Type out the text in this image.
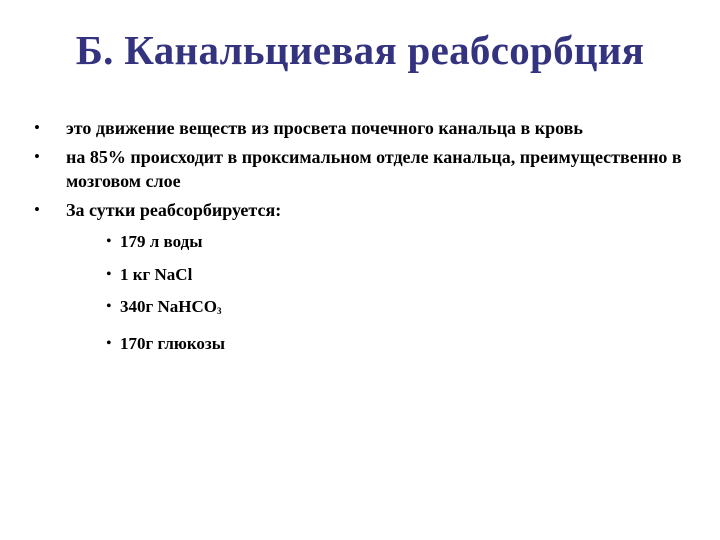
Б. Канальциевая реабсорбция
• это движение веществ из просвета почечного канальца в кровь
• на 85% происходит в проксимальном отделе канальца, преимущественно в мозговом слое
• За сутки реабсорбируется:
• 179 л воды
• 1 кг NaCl
• 340г NaHCO$_3$
• 170г глюкозы
